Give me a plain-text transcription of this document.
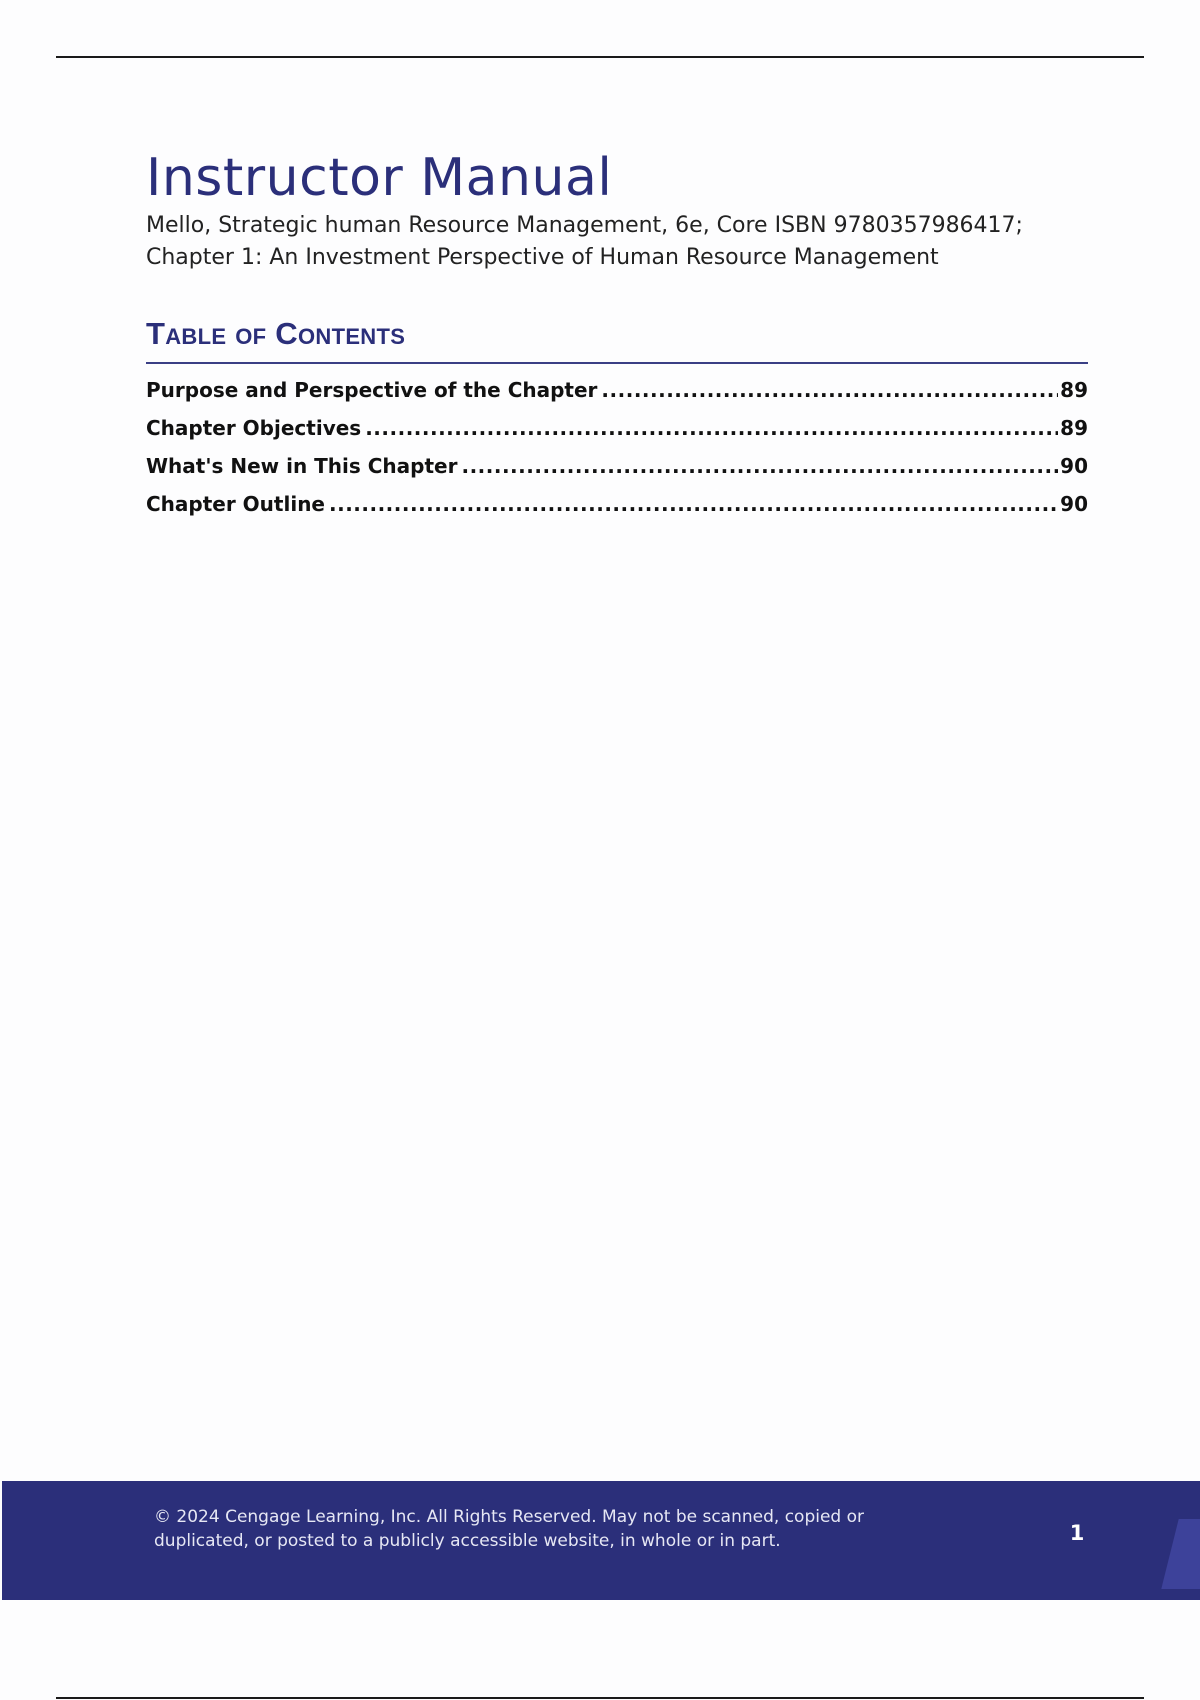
Instructor Manual

Mello, Strategic human Resource Management, 6e, Core ISBN 9780357986417;

Chapter 1: An Investment Perspective of Human Resource Management

Table of Contents
Purpose and Perspective of the Chapter .....	89
Chapter Objectives .....	89
What's New in This Chapter .....	90
Chapter Outline .....	90

© 2024 Cengage Learning, Inc. All Rights Reserved. May not be scanned, copied or
duplicated, or posted to a publicly accessible website, in whole or in part.	1
